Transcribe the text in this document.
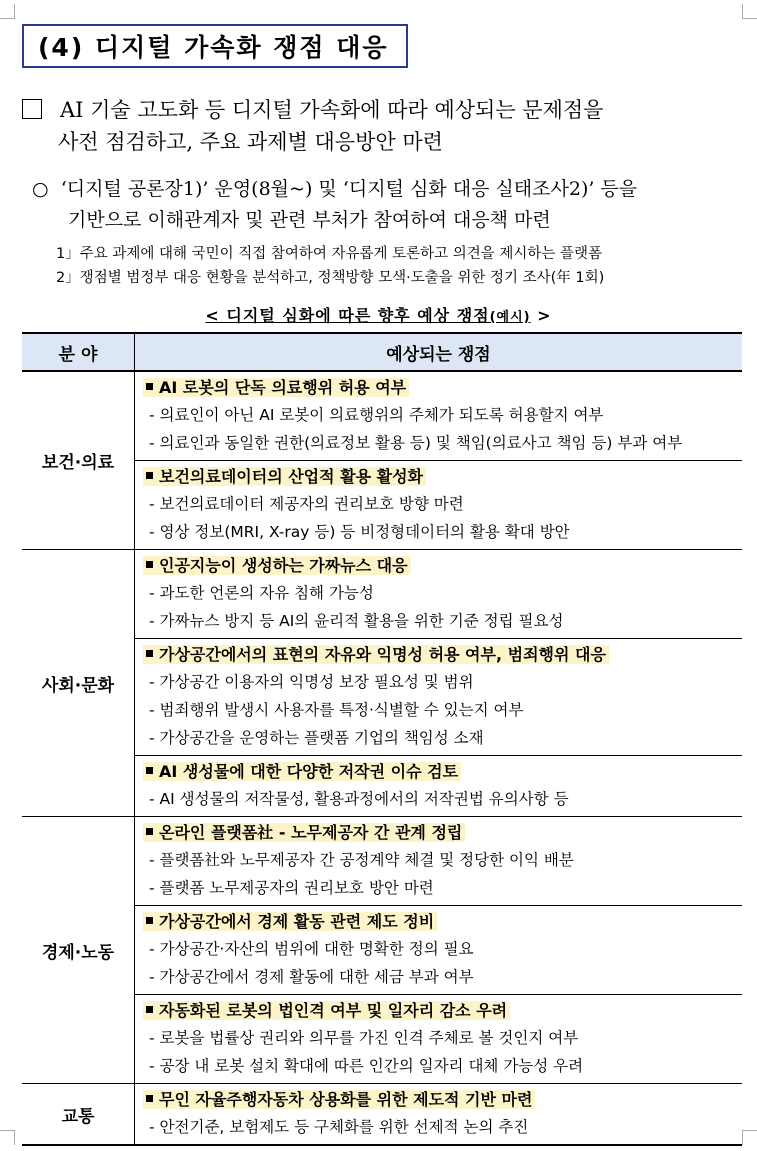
(4) 디지털 가속화 쟁점 대응
AI 기술 고도화 등 디지털 가속화에 따라 예상되는 문제점을
사전 점검하고, 주요 과제별 대응방안 마련
○ ‘디지털 공론장1)’ 운영(8월~) 및 ‘디지털 심화 대응 실태조사2)’ 등을
기반으로 이해관계자 및 관련 부처가 참여하여 대응책 마련
1」주요 과제에 대해 국민이 직접 참여하여 자유롭게 토론하고 의견을 제시하는 플랫폼
2」쟁점별 범정부 대응 현황을 분석하고, 정책방향 모색·도출을 위한 정기 조사(年 1회)
< 디지털 심화에 따른 향후 예상 쟁점(예시) >
분 야	예상되는 쟁점
보건·의료	AI 로봇의 단독 의료행위 허용 여부
- 의료인이 아닌 AI 로봇이 의료행위의 주체가 되도록 허용할지 여부
- 의료인과 동일한 권한(의료정보 활용 등) 및 책임(의료사고 책임 등) 부과 여부

	보건의료데이터의 산업적 활용 활성화
- 보건의료데이터 제공자의 권리보호 방향 마련
- 영상 정보(MRI, X-ray 등) 등 비정형데이터의 활용 확대 방안

사회·문화	인공지능이 생성하는 가짜뉴스 대응
- 과도한 언론의 자유 침해 가능성
- 가짜뉴스 방지 등 AI의 윤리적 활용을 위한 기준 정립 필요성

	가상공간에서의 표현의 자유와 익명성 허용 여부, 범죄행위 대응
- 가상공간 이용자의 익명성 보장 필요성 및 범위
- 범죄행위 발생시 사용자를 특정·식별할 수 있는지 여부
- 가상공간을 운영하는 플랫폼 기업의 책임성 소재

	AI 생성물에 대한 다양한 저작권 이슈 검토
- AI 생성물의 저작물성, 활용과정에서의 저작권법 유의사항 등

경제·노동	온라인 플랫폼社 - 노무제공자 간 관계 정립
- 플랫폼社와 노무제공자 간 공정계약 체결 및 정당한 이익 배분
- 플랫폼 노무제공자의 권리보호 방안 마련

	가상공간에서 경제 활동 관련 제도 정비
- 가상공간·자산의 범위에 대한 명확한 정의 필요
- 가상공간에서 경제 활동에 대한 세금 부과 여부

	자동화된 로봇의 법인격 여부 및 일자리 감소 우려
- 로봇을 법률상 권리와 의무를 가진 인격 주체로 볼 것인지 여부
- 공장 내 로봇 설치 확대에 따른 인간의 일자리 대체 가능성 우려

교통	무인 자율주행자동차 상용화를 위한 제도적 기반 마련
- 안전기준, 보험제도 등 구체화를 위한 선제적 논의 추진
